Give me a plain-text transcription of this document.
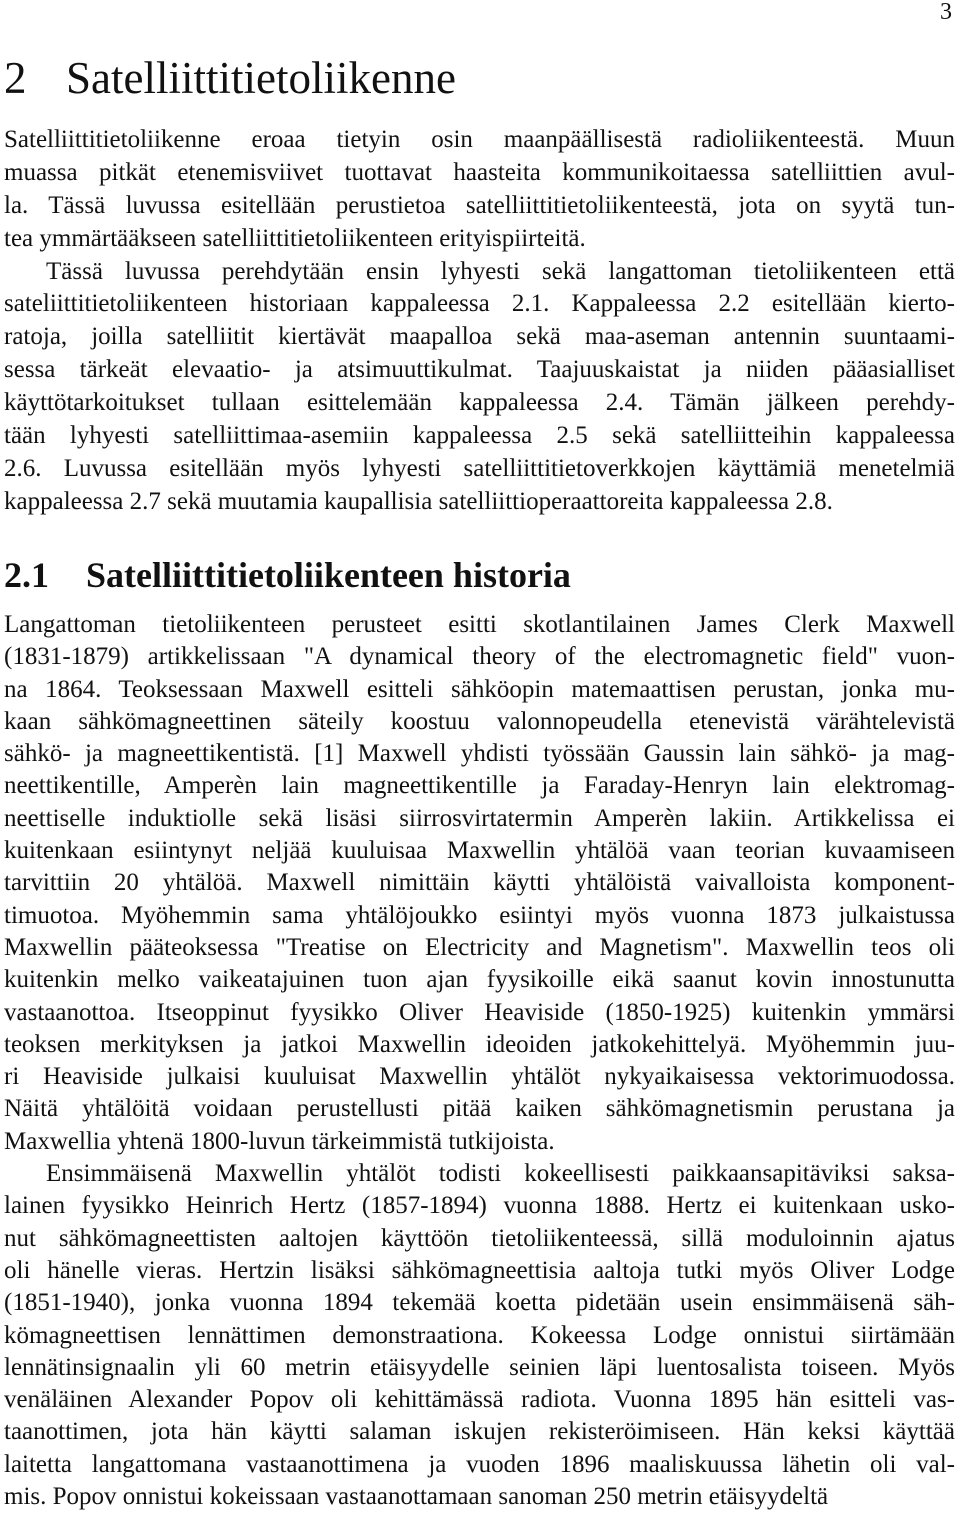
3
2 Satelliittitietoliikenne
Satelliittitietoliikenne eroaa tietyin osin maanpäällisestä radioliikenteestä. Muun
muassa pitkät etenemisviivet tuottavat haasteita kommunikoitaessa satelliittien avul-
la. Tässä luvussa esitellään perustietoa satelliittitietoliikenteestä, jota on syytä tun-
tea ymmärtääkseen satelliittitietoliikenteen erityispiirteitä.
Tässä luvussa perehdytään ensin lyhyesti sekä langattoman tietoliikenteen että
sateliittitietoliikenteen historiaan kappaleessa 2.1. Kappaleessa 2.2 esitellään kierto-
ratoja, joilla satelliitit kiertävät maapalloa sekä maa-aseman antennin suuntaami-
sessa tärkeät elevaatio- ja atsimuuttikulmat. Taajuuskaistat ja niiden pääasialliset
käyttötarkoitukset tullaan esittelemään kappaleessa 2.4. Tämän jälkeen perehdy-
tään lyhyesti satelliittimaa-asemiin kappaleessa 2.5 sekä satelliitteihin kappaleessa
2.6. Luvussa esitellään myös lyhyesti satelliittitietoverkkojen käyttämiä menetelmiä
kappaleessa 2.7 sekä muutamia kaupallisia satelliittioperaattoreita kappaleessa 2.8.
2.1 Satelliittitietoliikenteen historia
Langattoman tietoliikenteen perusteet esitti skotlantilainen James Clerk Maxwell
(1831-1879) artikkelissaan "A dynamical theory of the electromagnetic field" vuon-
na 1864. Teoksessaan Maxwell esitteli sähköopin matemaattisen perustan, jonka mu-
kaan sähkömagneettinen säteily koostuu valonnopeudella etenevistä värähtelevistä
sähkö- ja magneettikentistä. [1] Maxwell yhdisti työssään Gaussin lain sähkö- ja mag-
neettikentille, Amperèn lain magneettikentille ja Faraday-Henryn lain elektromag-
neettiselle induktiolle sekä lisäsi siirrosvirtatermin Amperèn lakiin. Artikkelissa ei
kuitenkaan esiintynyt neljää kuuluisaa Maxwellin yhtälöä vaan teorian kuvaamiseen
tarvittiin 20 yhtälöä. Maxwell nimittäin käytti yhtälöistä vaivalloista komponent-
timuotoa. Myöhemmin sama yhtälöjoukko esiintyi myös vuonna 1873 julkaistussa
Maxwellin pääteoksessa "Treatise on Electricity and Magnetism". Maxwellin teos oli
kuitenkin melko vaikeatajuinen tuon ajan fyysikoille eikä saanut kovin innostunutta
vastaanottoa. Itseoppinut fyysikko Oliver Heaviside (1850-1925) kuitenkin ymmärsi
teoksen merkityksen ja jatkoi Maxwellin ideoiden jatkokehittelyä. Myöhemmin juu-
ri Heaviside julkaisi kuuluisat Maxwellin yhtälöt nykyaikaisessa vektorimuodossa.
Näitä yhtälöitä voidaan perustellusti pitää kaiken sähkömagnetismin perustana ja
Maxwellia yhtenä 1800-luvun tärkeimmistä tutkijoista.
Ensimmäisenä Maxwellin yhtälöt todisti kokeellisesti paikkaansapitäviksi saksa-
lainen fyysikko Heinrich Hertz (1857-1894) vuonna 1888. Hertz ei kuitenkaan usko-
nut sähkömagneettisten aaltojen käyttöön tietoliikenteessä, sillä moduloinnin ajatus
oli hänelle vieras. Hertzin lisäksi sähkömagneettisia aaltoja tutki myös Oliver Lodge
(1851-1940), jonka vuonna 1894 tekemää koetta pidetään usein ensimmäisenä säh-
kömagneettisen lennättimen demonstraationa. Kokeessa Lodge onnistui siirtämään
lennätinsignaalin yli 60 metrin etäisyydelle seinien läpi luentosalista toiseen. Myös
venäläinen Alexander Popov oli kehittämässä radiota. Vuonna 1895 hän esitteli vas-
taanottimen, jota hän käytti salaman iskujen rekisteröimiseen. Hän keksi käyttää
laitetta langattomana vastaanottimena ja vuoden 1896 maaliskuussa lähetin oli val-
mis. Popov onnistui kokeissaan vastaanottamaan sanoman 250 metrin etäisyydeltä
